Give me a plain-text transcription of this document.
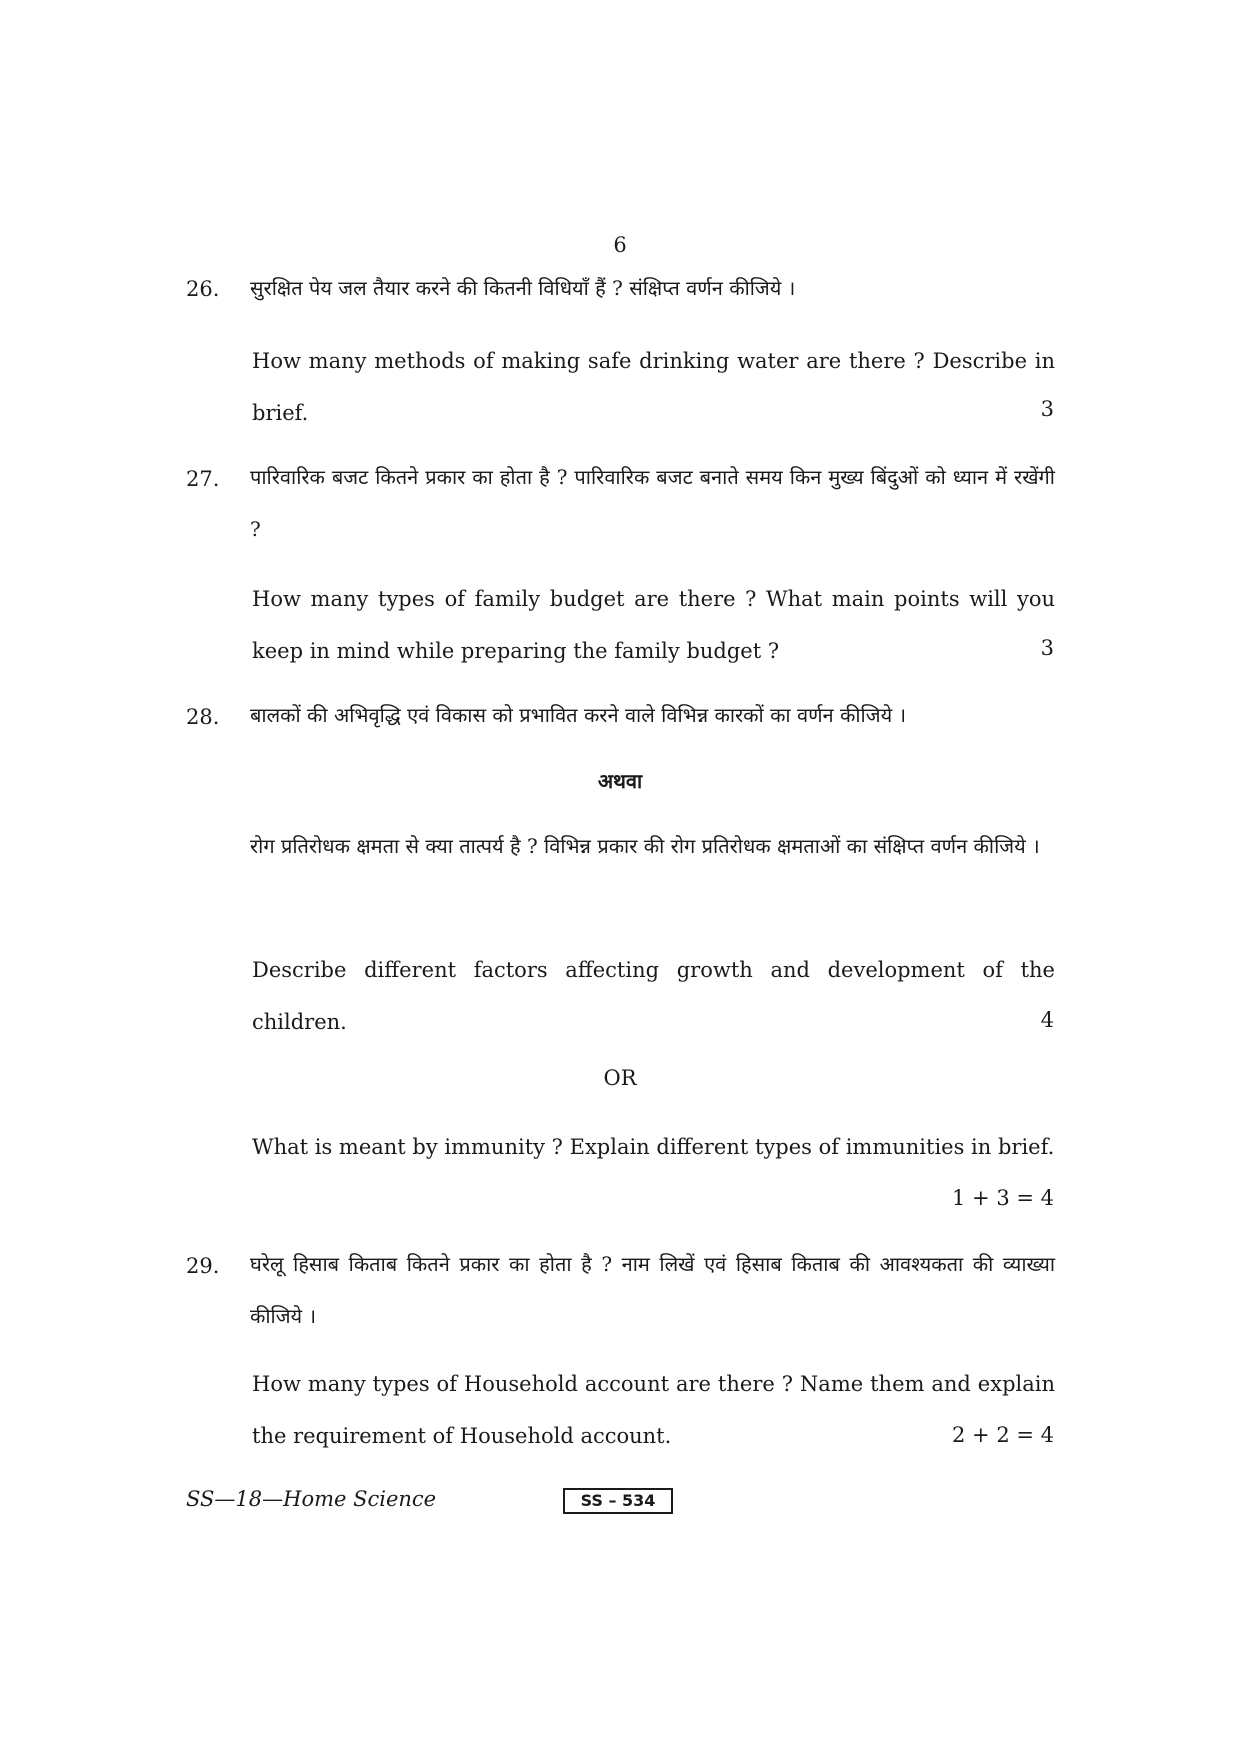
6
26. सुरक्षित पेय जल तैयार करने की कितनी विधियाँ हैं ? संक्षिप्त वर्णन कीजिये ।
How many methods of making safe drinking water are there ? Describe in brief.	3
27. पारिवारिक बजट कितने प्रकार का होता है ? पारिवारिक बजट बनाते समय किन मुख्य बिंदुओं को ध्यान में रखेंगी ?
How many types of family budget are there ? What main points will you keep in mind while preparing the family budget ?	3
28. बालकों की अभिवृद्धि एवं विकास को प्रभावित करने वाले विभिन्न कारकों का वर्णन कीजिये ।
अथवा
रोग प्रतिरोधक क्षमता से क्या तात्पर्य है ? विभिन्न प्रकार की रोग प्रतिरोधक क्षमताओं का संक्षिप्त वर्णन कीजिये ।
Describe different factors affecting growth and development of the children.	4
OR
What is meant by immunity ? Explain different types of immunities in brief.
1 + 3 = 4
29. घरेलू हिसाब किताब कितने प्रकार का होता है ? नाम लिखें एवं हिसाब किताब की आवश्यकता की व्याख्या कीजिये ।
How many types of Household account are there ? Name them and explain the requirement of Household account.	2 + 2 = 4
SS—18—Home Science	SS – 534
